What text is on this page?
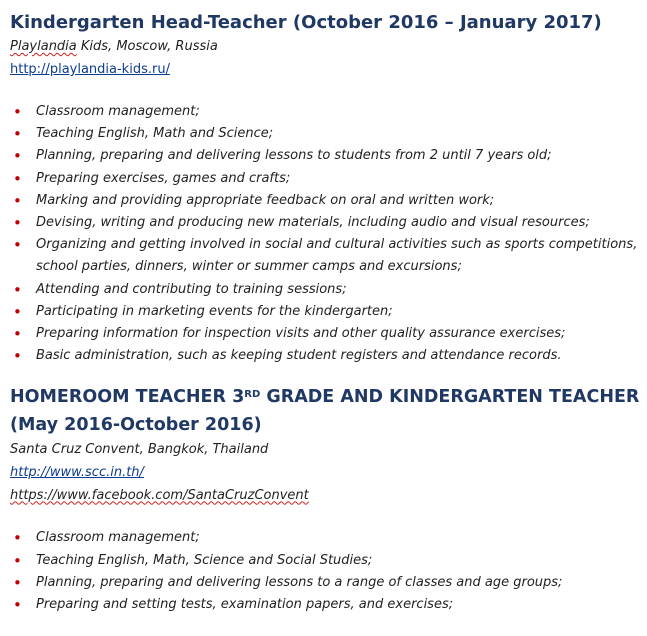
Kindergarten Head-Teacher (October 2016 – January 2017)
Playlandia Kids, Moscow, Russia
http://playlandia-kids.ru/
• Classroom management;
• Teaching English, Math and Science;
• Planning, preparing and delivering lessons to students from 2 until 7 years old;
• Preparing exercises, games and crafts;
• Marking and providing appropriate feedback on oral and written work;
• Devising, writing and producing new materials, including audio and visual resources;
• Organizing and getting involved in social and cultural activities such as sports competitions, school parties, dinners, winter or summer camps and excursions;
• Attending and contributing to training sessions;
• Participating in marketing events for the kindergarten;
• Preparing information for inspection visits and other quality assurance exercises;
• Basic administration, such as keeping student registers and attendance records.
HOMEROOM TEACHER 3RD GRADE AND KINDERGARTEN TEACHER
(May 2016-October 2016)
Santa Cruz Convent, Bangkok, Thailand
http://www.scc.in.th/
https://www.facebook.com/SantaCruzConvent
• Classroom management;
• Teaching English, Math, Science and Social Studies;
• Planning, preparing and delivering lessons to a range of classes and age groups;
• Preparing and setting tests, examination papers, and exercises;
